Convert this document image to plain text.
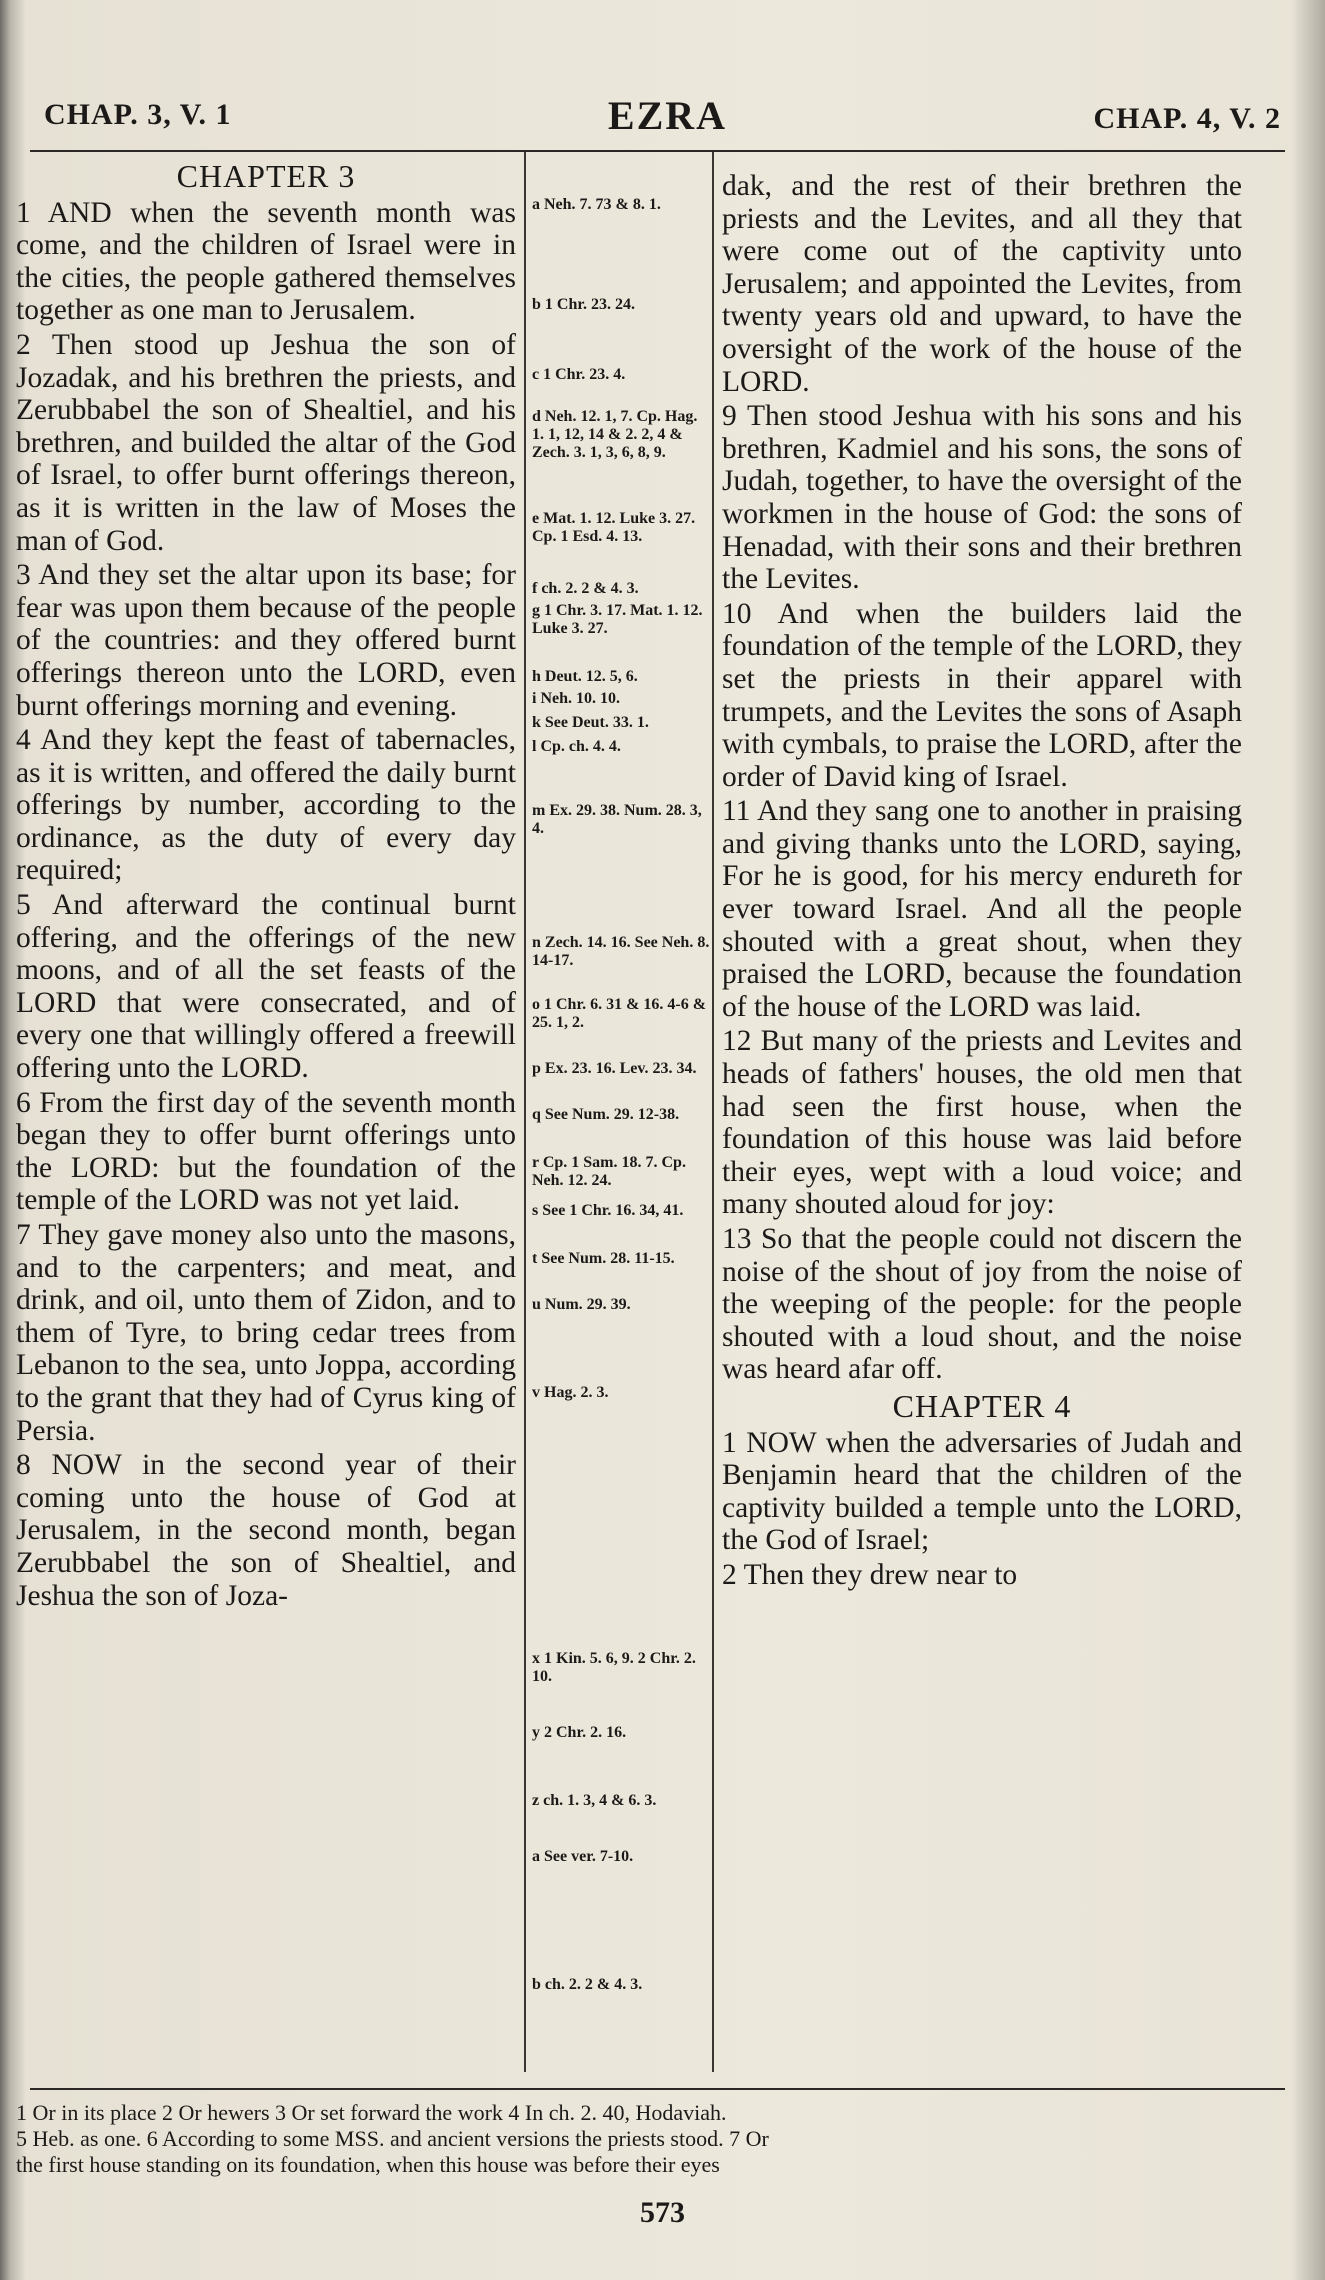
CHAP. 3, V. 1	EZRA	CHAP. 4, V. 2
CHAPTER 3

1 AND when the seventh month was come, and the children of Israel were in the cities, the people gathered themselves together as one man to Jerusalem.

2 Then stood up Jeshua the son of Jozadak, and his brethren the priests, and Zerubbabel the son of Shealtiel, and his brethren, and builded the altar of the God of Israel, to offer burnt offerings thereon, as it is written in the law of Moses the man of God.

3 And they set the altar upon its base; for fear was upon them because of the people of the countries: and they offered burnt offerings thereon unto the LORD, even burnt offerings morning and evening.

4 And they kept the feast of tabernacles, as it is written, and offered the daily burnt offerings by number, according to the ordinance, as the duty of every day required;

5 And afterward the continual burnt offering, and the offerings of the new moons, and of all the set feasts of the LORD that were consecrated, and of every one that willingly offered a freewill offering unto the LORD.

6 From the first day of the seventh month began they to offer burnt offerings unto the LORD: but the foundation of the temple of the LORD was not yet laid.

7 They gave money also unto the masons, and to the carpenters; and meat, and drink, and oil, unto them of Zidon, and to them of Tyre, to bring cedar trees from Lebanon to the sea, unto Joppa, according to the grant that they had of Cyrus king of Persia.

8 NOW in the second year of their coming unto the house of God at Jerusalem, in the second month, began Zerubbabel the son of Shealtiel, and Jeshua the son of Joza-

a Neh. 7. 73 & 8. 1.
b 1 Chr. 23. 24.
c 1 Chr. 23. 4.
d Neh. 12. 1, 7. Cp. Hag. 1. 1, 12, 14 & 2. 2, 4 & Zech. 3. 1, 3, 6, 8, 9.
e Mat. 1. 12. Luke 3. 27. Cp. 1 Esd. 4. 13.
f ch. 2. 2 & 4. 3.
g 1 Chr. 3. 17. Mat. 1. 12. Luke 3. 27.
h Deut. 12. 5, 6.
i Neh. 10. 10.
k See Deut. 33. 1.
l Cp. ch. 4. 4.
m Ex. 29. 38. Num. 28. 3, 4.
n Zech. 14. 16. See Neh. 8. 14-17.
o 1 Chr. 6. 31 & 16. 4-6 & 25. 1, 2.
p Ex. 23. 16. Lev. 23. 34.
q See Num. 29. 12-38.
r Cp. 1 Sam. 18. 7. Cp. Neh. 12. 24.
s See 1 Chr. 16. 34, 41.
t See Num. 28. 11-15.
u Num. 29. 39.
v Hag. 2. 3.
x 1 Kin. 5. 6, 9. 2 Chr. 2. 10.
y 2 Chr. 2. 16.
z ch. 1. 3, 4 & 6. 3.
a See ver. 7-10.
b ch. 2. 2 & 4. 3.

dak, and the rest of their brethren the priests and the Levites, and all they that were come out of the captivity unto Jerusalem; and appointed the Levites, from twenty years old and upward, to have the oversight of the work of the house of the LORD.

9 Then stood Jeshua with his sons and his brethren, Kadmiel and his sons, the sons of Judah, together, to have the oversight of the workmen in the house of God: the sons of Henadad, with their sons and their brethren the Levites.

10 And when the builders laid the foundation of the temple of the LORD, they set the priests in their apparel with trumpets, and the Levites the sons of Asaph with cymbals, to praise the LORD, after the order of David king of Israel.

11 And they sang one to another in praising and giving thanks unto the LORD, saying, For he is good, for his mercy endureth for ever toward Israel. And all the people shouted with a great shout, when they praised the LORD, because the foundation of the house of the LORD was laid.

12 But many of the priests and Levites and heads of fathers' houses, the old men that had seen the first house, when the foundation of this house was laid before their eyes, wept with a loud voice; and many shouted aloud for joy:

13 So that the people could not discern the noise of the shout of joy from the noise of the weeping of the people: for the people shouted with a loud shout, and the noise was heard afar off.

CHAPTER 4

1 NOW when the adversaries of Judah and Benjamin heard that the children of the captivity builded a temple unto the LORD, the God of Israel;

2 Then they drew near to

1 Or in its place 2 Or hewers 3 Or set forward the work 4 In ch. 2. 40, Hodaviah.
5 Heb. as one. 6 According to some MSS. and ancient versions the priests stood. 7 Or
the first house standing on its foundation, when this house was before their eyes
573
